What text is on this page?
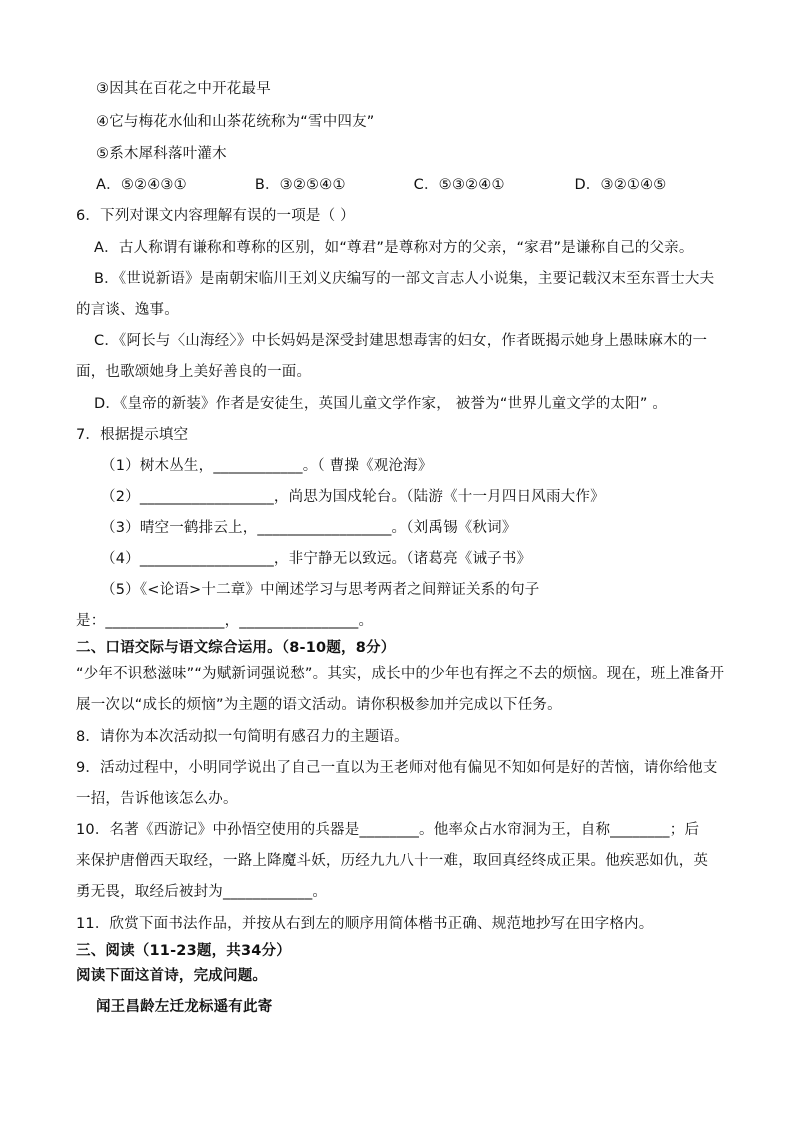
③因其在百花之中开花最早
④它与梅花水仙和山茶花统称为“雪中四友”
⑤系木犀科落叶灌木
A．⑤②④③①	B．③②⑤④①	C．⑤③②④①	D．③②①④⑤
6．下列对课文内容理解有误的一项是（ ）
A．古人称谓有谦称和尊称的区别，如“尊君”是尊称对方的父亲，“家君”是谦称自己的父亲。
B．《世说新语》是南朝宋临川王刘义庆编写的一部文言志人小说集，主要记载汉末至东晋士大夫
的言谈、逸事。
C．《阿长与〈山海经〉》中长妈妈是深受封建思想毒害的妇女，作者既揭示她身上愚昧麻木的一
面，也歌颂她身上美好善良的一面。
D．《皇帝的新装》作者是安徒生，英国儿童文学作家， 被誉为“世界儿童文学的太阳” 。
7．根据提示填空
（1）树木丛生，____________。（ 曹操《观沧海》
（2）__________________，尚思为国戍轮台。（陆游《十一月四日风雨大作》
（3）晴空一鹤排云上，__________________。（刘禹锡《秋词》
（4）__________________，非宁静无以致远。（诸葛亮《诫子书》
（5）《<论语>十二章》中阐述学习与思考两者之间辩证关系的句子
是：________________，________________。
二、口语交际与语文综合运用。（8-10题，8分）
“少年不识愁滋味”“为赋新词强说愁”。其实，成长中的少年也有挥之不去的烦恼。现在，班上准备开
展一次以“成长的烦恼”为主题的语文活动。请你积极参加并完成以下任务。
8．请你为本次活动拟一句简明有感召力的主题语。
9．活动过程中，小明同学说出了自己一直以为王老师对他有偏见不知如何是好的苦恼，请你给他支
一招，告诉他该怎么办。
10．名著《西游记》中孙悟空使用的兵器是________。他率众占水帘洞为王，自称________；后
来保护唐僧西天取经，一路上降魔斗妖，历经九九八十一难，取回真经终成正果。他疾恶如仇，英
勇无畏，取经后被封为____________。
11．欣赏下面书法作品，并按从右到左的顺序用简体楷书正确、规范地抄写在田字格内。
三、阅读（11-23题，共34分）
阅读下面这首诗，完成问题。
闻王昌龄左迁龙标遥有此寄
